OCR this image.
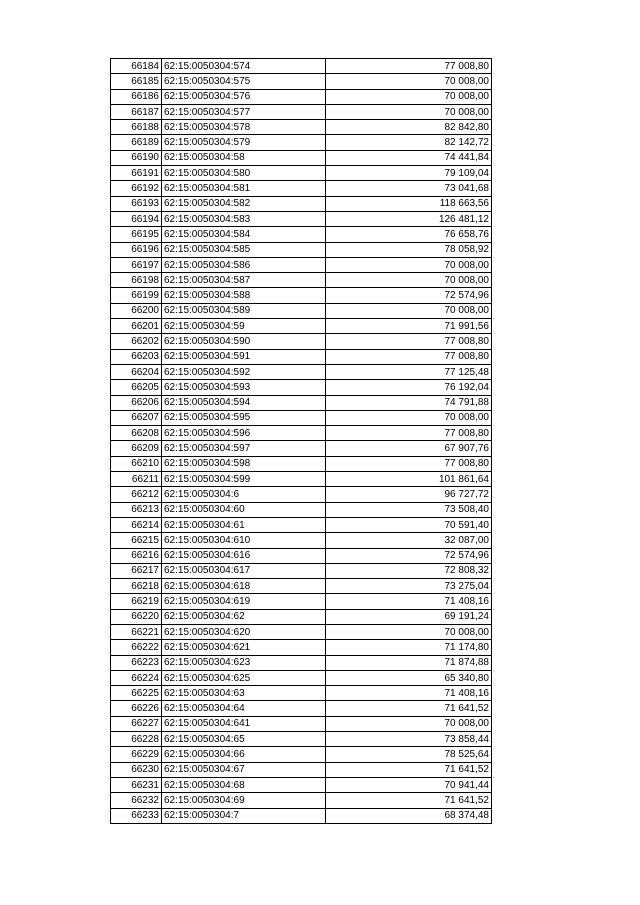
66184	62:15:0050304:574	77 008,80
66185	62:15:0050304:575	70 008,00
66186	62:15:0050304:576	70 008,00
66187	62:15:0050304:577	70 008,00
66188	62:15:0050304:578	82 842,80
66189	62:15:0050304:579	82 142,72
66190	62:15:0050304:58	74 441,84
66191	62:15:0050304:580	79 109,04
66192	62:15:0050304:581	73 041,68
66193	62:15:0050304:582	118 663,56
66194	62:15:0050304:583	126 481,12
66195	62:15:0050304:584	76 658,76
66196	62:15:0050304:585	78 058,92
66197	62:15:0050304:586	70 008,00
66198	62:15:0050304:587	70 008,00
66199	62:15:0050304:588	72 574,96
66200	62:15:0050304:589	70 008,00
66201	62:15:0050304:59	71 991,56
66202	62:15:0050304:590	77 008,80
66203	62:15:0050304:591	77 008,80
66204	62:15:0050304:592	77 125,48
66205	62:15:0050304:593	76 192,04
66206	62:15:0050304:594	74 791,88
66207	62:15:0050304:595	70 008,00
66208	62:15:0050304:596	77 008,80
66209	62:15:0050304:597	67 907,76
66210	62:15:0050304:598	77 008,80
66211	62:15:0050304:599	101 861,64
66212	62:15:0050304:6	96 727,72
66213	62:15:0050304:60	73 508,40
66214	62:15:0050304:61	70 591,40
66215	62:15:0050304:610	32 087,00
66216	62:15:0050304:616	72 574,96
66217	62:15:0050304:617	72 808,32
66218	62:15:0050304:618	73 275,04
66219	62:15:0050304:619	71 408,16
66220	62:15:0050304:62	69 191,24
66221	62:15:0050304:620	70 008,00
66222	62:15:0050304:621	71 174,80
66223	62:15:0050304:623	71 874,88
66224	62:15:0050304:625	65 340,80
66225	62:15:0050304:63	71 408,16
66226	62:15:0050304:64	71 641,52
66227	62:15:0050304:641	70 008,00
66228	62:15:0050304:65	73 858,44
66229	62:15:0050304:66	78 525,64
66230	62:15:0050304:67	71 641,52
66231	62:15:0050304:68	70 941,44
66232	62:15:0050304:69	71 641,52
66233	62:15:0050304:7	68 374,48
